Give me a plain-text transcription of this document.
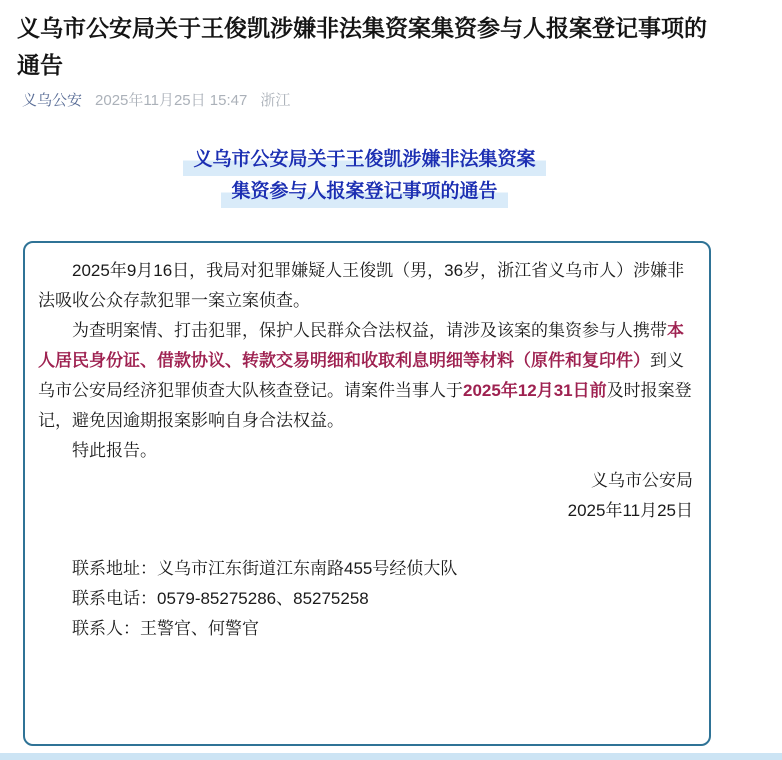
义乌市公安局关于王俊凯涉嫌非法集资案集资参与人报案登记事项的通告
义乌公安 2025年11月25日 15:47 浙江
义乌市公安局关于王俊凯涉嫌非法集资案
集资参与人报案登记事项的通告

2025年9月16日，我局对犯罪嫌疑人王俊凯（男，36岁，浙江省义乌市人）涉嫌非法吸收公众存款犯罪一案立案侦查。

为查明案情、打击犯罪，保护人民群众合法权益，请涉及该案的集资参与人携带本人居民身份证、借款协议、转款交易明细和收取利息明细等材料（原件和复印件）到义乌市公安局经济犯罪侦查大队核查登记。请案件当事人于2025年12月31日前及时报案登记，避免因逾期报案影响自身合法权益。

特此报告。

义乌市公安局
2025年11月25日

联系地址：义乌市江东街道江东南路455号经侦大队

联系电话：0579-85275286、85275258

联系人：王警官、何警官
